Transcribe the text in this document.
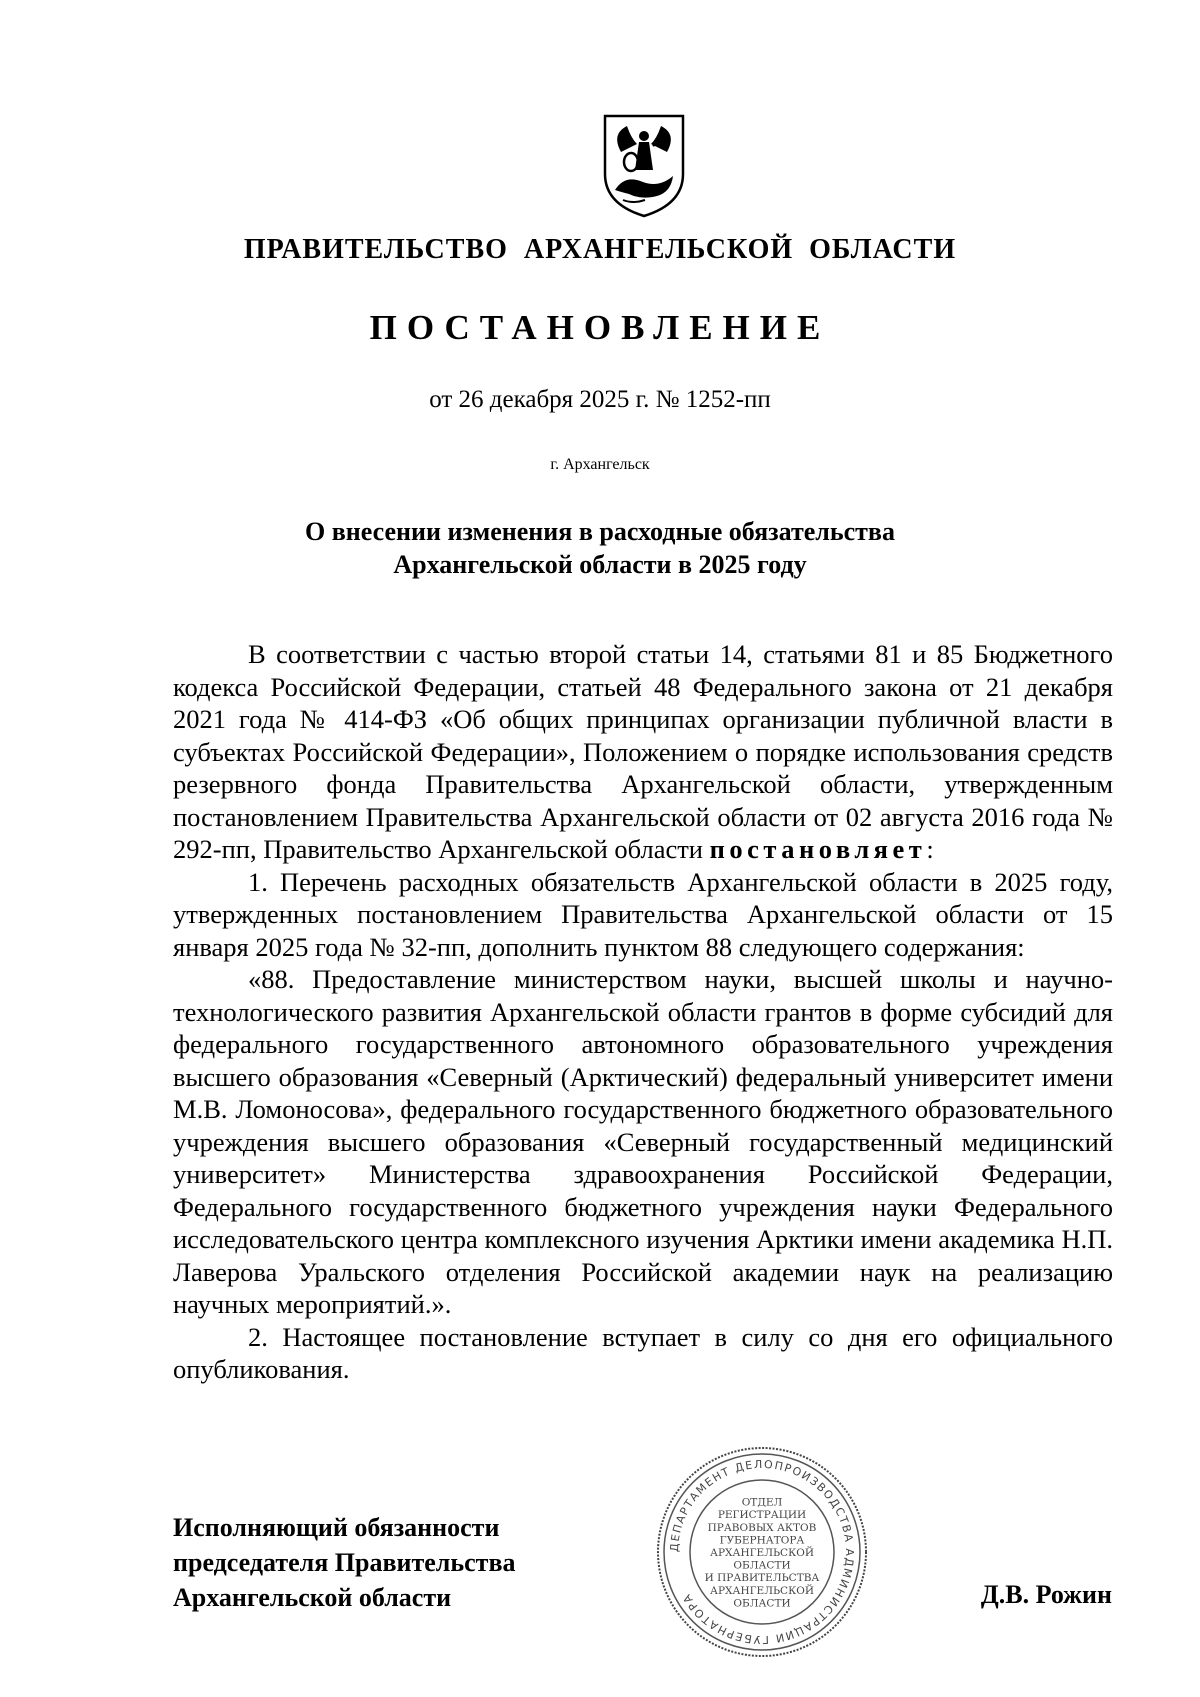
ПРАВИТЕЛЬСТВО АРХАНГЕЛЬСКОЙ ОБЛАСТИ
ПОСТАНОВЛЕНИЕ
от 26 декабря 2025 г. № 1252-пп
г. Архангельск
О внесении изменения в расходные обязательства
Архангельской области в 2025 году

В соответствии с частью второй статьи 14, статьями 81 и 85 Бюджетного кодекса Российской Федерации, статьей 48 Федерального закона от 21 декабря 2021 года № 414-ФЗ «Об общих принципах организации публичной власти в субъектах Российской Федерации», Положением о порядке использования средств резервного фонда Правительства Архангельской области, утвержденным постановлением Правительства Архангельской области от 02 августа 2016 года № 292-пп, Правительство Архангельской области постановляет:

1. Перечень расходных обязательств Архангельской области в 2025 году, утвержденных постановлением Правительства Архангельской области от 15 января 2025 года № 32-пп, дополнить пунктом 88 следующего содержания:

«88. Предоставление министерством науки, высшей школы и научно-технологического развития Архангельской области грантов в форме субсидий для федерального государственного автономного образовательного учреждения высшего образования «Северный (Арктический) федеральный университет имени М.В. Ломоносова», федерального государственного бюджетного образовательного учреждения высшего образования «Северный государственный медицинский университет» Министерства здравоохранения Российской Федерации, Федерального государственного бюджетного учреждения науки Федерального исследовательского центра комплексного изучения Арктики имени академика Н.П. Лаверова Уральского отделения Российской академии наук на реализацию научных мероприятий.».

2. Настоящее постановление вступает в силу со дня его официального опубликования.

Исполняющий обязанности
председателя Правительства
Архангельской области	Д.В. Рожин
ДЕПАРТАМЕНТ ДЕЛОПРОИЗВОДСТВА АДМИНИСТРАЦИИ ГУБЕРНАТОРА
ОТДЕЛ
РЕГИСТРАЦИИ
ПРАВОВЫХ АКТОВ
ГУБЕРНАТОРА
АРХАНГЕЛЬСКОЙ
ОБЛАСТИ
И ПРАВИТЕЛЬСТВА
АРХАНГЕЛЬСКОЙ
ОБЛАСТИ
